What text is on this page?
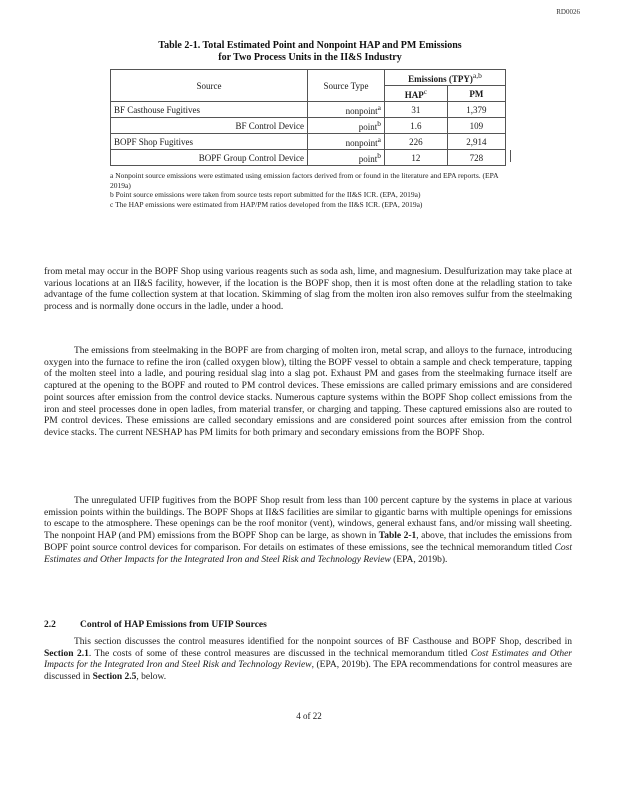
RD0026
Table 2-1. Total Estimated Point and Nonpoint HAP and PM Emissions
for Two Process Units in the II&S Industry
Source	Source Type	Emissions (TPY)$^{a,b}$
		HAP$^c$	PM
BF Casthouse Fugitives	nonpoint$^a$	31	1,379
BF Control Device	point$^b$	1.6	109
BOPF Shop Fugitives	nonpoint$^a$	226	2,914
BOPF Group Control Device	point$^b$	12	728

a Nonpoint source emissions were estimated using emission factors derived from or found in the literature and EPA reports. (EPA 2019a)

b Point source emissions were taken from source tests report submitted for the II&S ICR. (EPA, 2019a)

c The HAP emissions were estimated from HAP/PM ratios developed from the II&S ICR. (EPA, 2019a)

from metal may occur in the BOPF Shop using various reagents such as soda ash, lime, and magnesium. Desulfurization may take place at various locations at an II&S facility, however, if the location is the BOPF shop, then it is most often done at the reladling station to take advantage of the fume collection system at that location. Skimming of slag from the molten iron also removes sulfur from the steelmaking process and is normally done occurs in the ladle, under a hood.

The emissions from steelmaking in the BOPF are from charging of molten iron, metal scrap, and alloys to the furnace, introducing oxygen into the furnace to refine the iron (called oxygen blow), tilting the BOPF vessel to obtain a sample and check temperature, tapping of the molten steel into a ladle, and pouring residual slag into a slag pot. Exhaust PM and gases from the steelmaking furnace itself are captured at the opening to the BOPF and routed to PM control devices. These emissions are called primary emissions and are considered point sources after emission from the control device stacks. Numerous capture systems within the BOPF Shop collect emissions from the iron and steel processes done in open ladles, from material transfer, or charging and tapping. These captured emissions also are routed to PM control devices. These emissions are called secondary emissions and are considered point sources after emission from the control device stacks. The current NESHAP has PM limits for both primary and secondary emissions from the BOPF Shop.

The unregulated UFIP fugitives from the BOPF Shop result from less than 100 percent capture by the systems in place at various emission points within the buildings. The BOPF Shops at II&S facilities are similar to gigantic barns with multiple openings for emissions to escape to the atmosphere. These openings can be the roof monitor (vent), windows, general exhaust fans, and/or missing wall sheeting. The nonpoint HAP (and PM) emissions from the BOPF Shop can be large, as shown in Table 2-1, above, that includes the emissions from BOPF point source control devices for comparison. For details on estimates of these emissions, see the technical memorandum titled Cost Estimates and Other Impacts for the Integrated Iron and Steel Risk and Technology Review (EPA, 2019b).

2.2	Control of HAP Emissions from UFIP Sources

This section discusses the control measures identified for the nonpoint sources of BF Casthouse and BOPF Shop, described in Section 2.1. The costs of some of these control measures are discussed in the technical memorandum titled Cost Estimates and Other Impacts for the Integrated Iron and Steel Risk and Technology Review, (EPA, 2019b). The EPA recommendations for control measures are discussed in Section 2.5, below.

4 of 22
